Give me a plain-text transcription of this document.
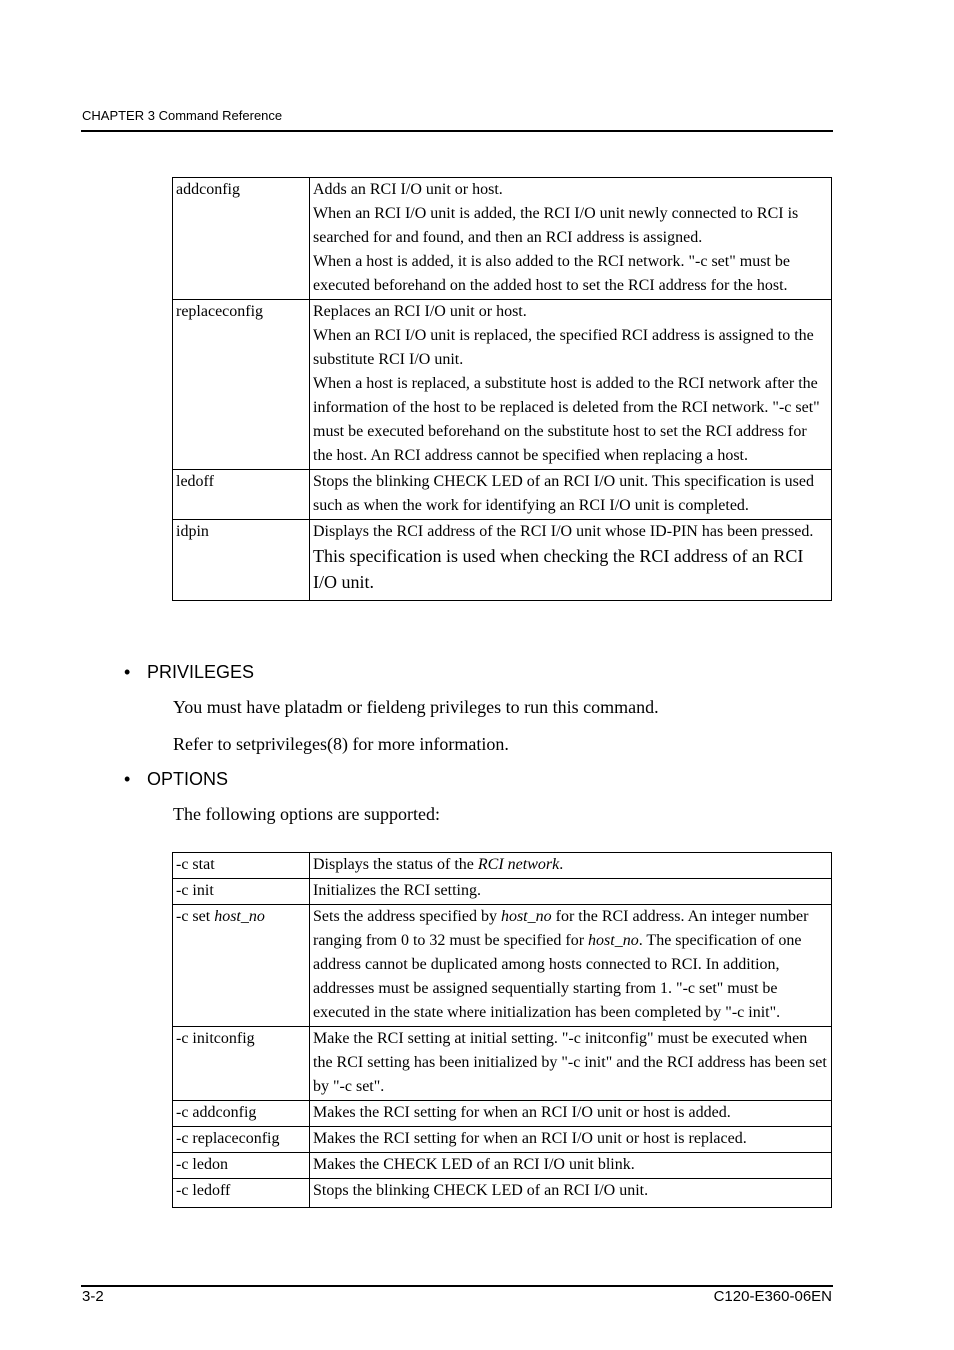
CHAPTER 3 Command Reference
addconfig	Adds an RCI I/O unit or host.
When an RCI I/O unit is added, the RCI I/O unit newly connected to RCI is searched for and found, and then an RCI address is assigned.
When a host is added, it is also added to the RCI network. "-c set" must be executed beforehand on the added host to set the RCI address for the host.

replaceconfig	Replaces an RCI I/O unit or host.
When an RCI I/O unit is replaced, the specified RCI address is assigned to the substitute RCI I/O unit.
When a host is replaced, a substitute host is added to the RCI network after the information of the host to be replaced is deleted from the RCI network. "-c set" must be executed beforehand on the substitute host to set the RCI address for the host. An RCI address cannot be specified when replacing a host.

ledoff	Stops the blinking CHECK LED of an RCI I/O unit. This specification is used such as when the work for identifying an RCI I/O unit is completed.

idpin	Displays the RCI address of the RCI I/O unit whose ID-PIN has been pressed. This specification is used when checking the RCI address of an RCI I/O unit.
• PRIVILEGES
You must have platadm or fieldeng privileges to run this command.
Refer to setprivileges(8) for more information.
• OPTIONS
The following options are supported:
-c stat	Displays the status of the RCI network.
-c init	Initializes the RCI setting.
-c set host_no	Sets the address specified by host_no for the RCI address. An integer number ranging from 0 to 32 must be specified for host_no. The specification of one address cannot be duplicated among hosts connected to RCI. In addition, addresses must be assigned sequentially starting from 1. "-c set" must be executed in the state where initialization has been completed by "-c init".
-c initconfig	Make the RCI setting at initial setting. "-c initconfig" must be executed when the RCI setting has been initialized by "-c init" and the RCI address has been set by "-c set".
-c addconfig	Makes the RCI setting for when an RCI I/O unit or host is added.
-c replaceconfig	Makes the RCI setting for when an RCI I/O unit or host is replaced.
-c ledon	Makes the CHECK LED of an RCI I/O unit blink.
-c ledoff	Stops the blinking CHECK LED of an RCI I/O unit.
3-2	C120-E360-06EN
